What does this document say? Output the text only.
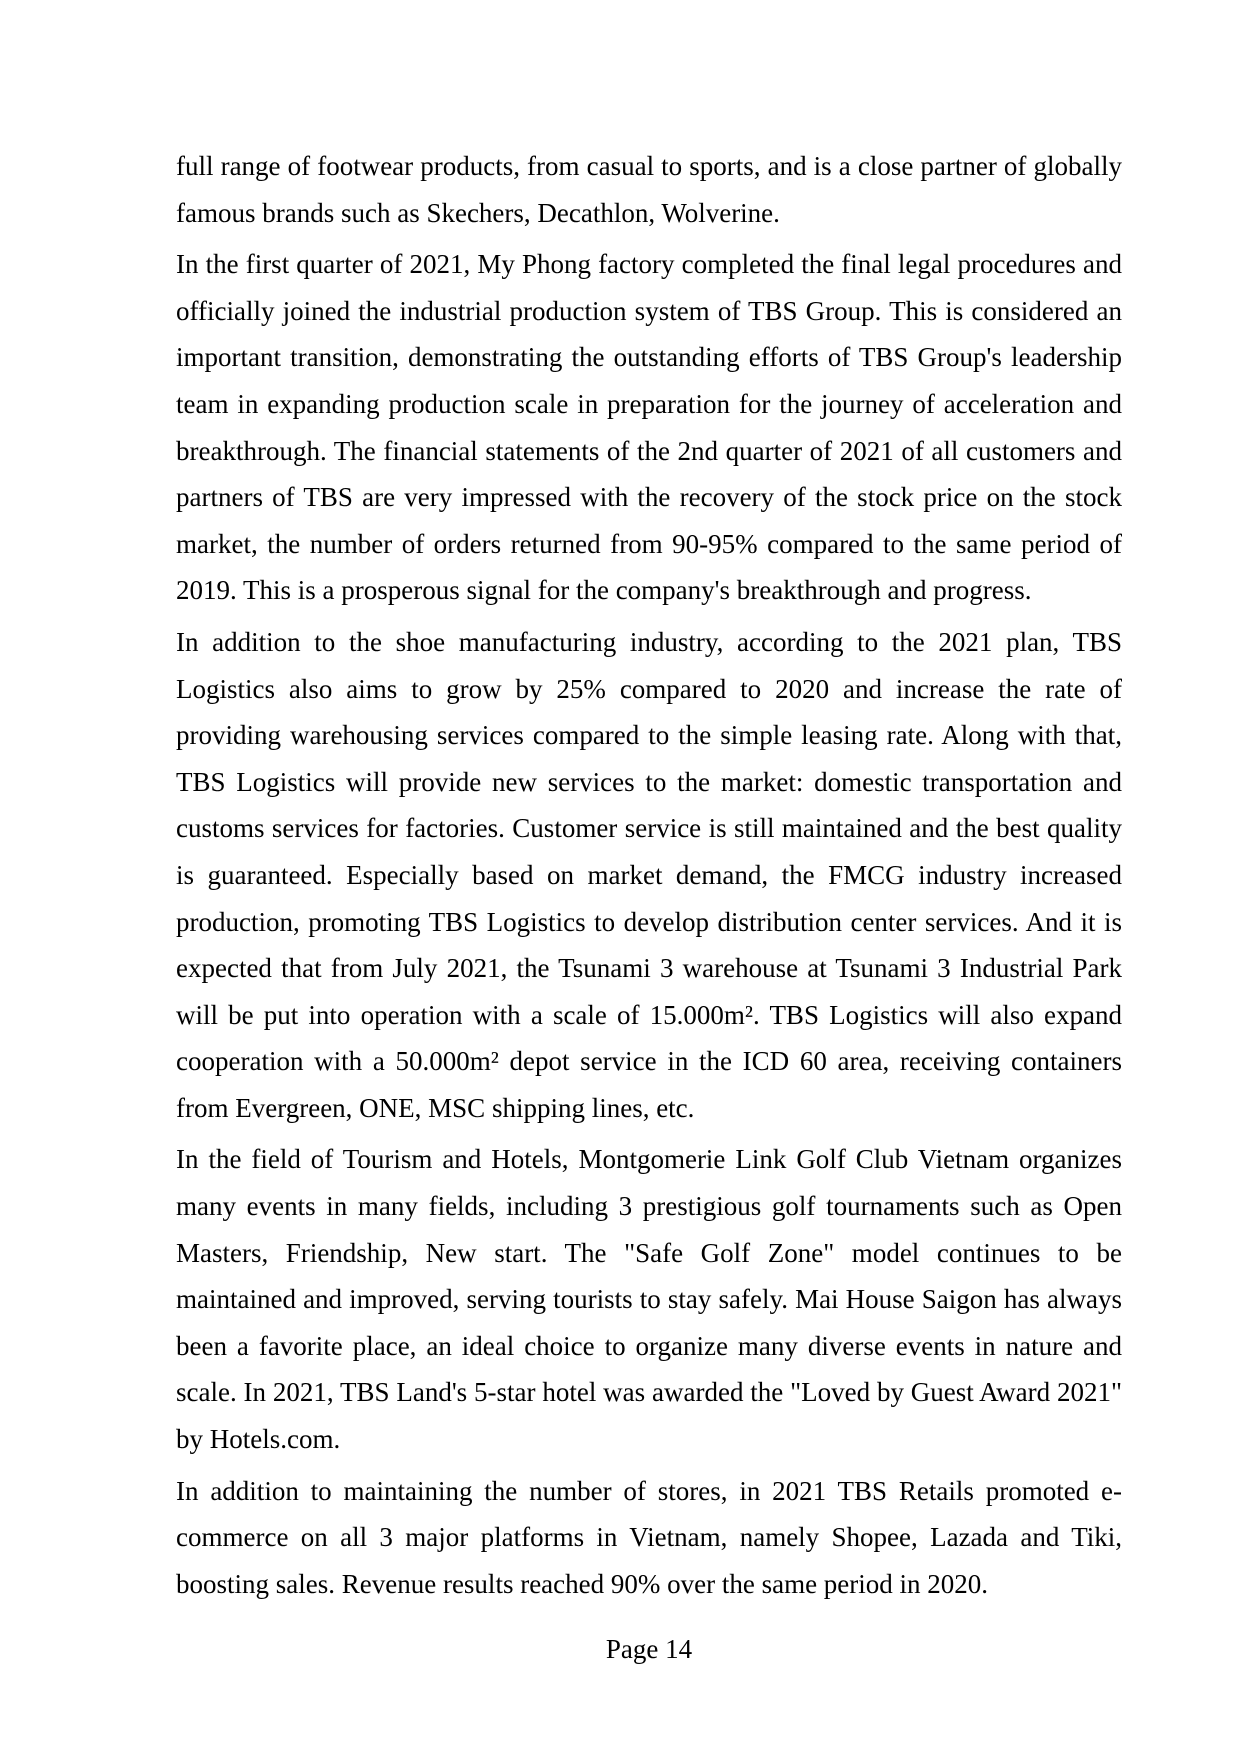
full range of footwear products, from casual to sports, and is a close partner of globally famous brands such as Skechers, Decathlon, Wolverine.

In the first quarter of 2021, My Phong factory completed the final legal procedures and officially joined the industrial production system of TBS Group. This is considered an important transition, demonstrating the outstanding efforts of TBS Group's leadership team in expanding production scale in preparation for the journey of acceleration and breakthrough. The financial statements of the 2nd quarter of 2021 of all customers and partners of TBS are very impressed with the recovery of the stock price on the stock market, the number of orders returned from 90-95% compared to the same period of 2019. This is a prosperous signal for the company's breakthrough and progress.

In addition to the shoe manufacturing industry, according to the 2021 plan, TBS Logistics also aims to grow by 25% compared to 2020 and increase the rate of providing warehousing services compared to the simple leasing rate. Along with that, TBS Logistics will provide new services to the market: domestic transportation and customs services for factories. Customer service is still maintained and the best quality is guaranteed. Especially based on market demand, the FMCG industry increased production, promoting TBS Logistics to develop distribution center services. And it is expected that from July 2021, the Tsunami 3 warehouse at Tsunami 3 Industrial Park will be put into operation with a scale of 15.000m². TBS Logistics will also expand cooperation with a 50.000m² depot service in the ICD 60 area, receiving containers from Evergreen, ONE, MSC shipping lines, etc.

In the field of Tourism and Hotels, Montgomerie Link Golf Club Vietnam organizes many events in many fields, including 3 prestigious golf tournaments such as Open Masters, Friendship, New start. The "Safe Golf Zone" model continues to be maintained and improved, serving tourists to stay safely. Mai House Saigon has always been a favorite place, an ideal choice to organize many diverse events in nature and scale. In 2021, TBS Land's 5-star hotel was awarded the "Loved by Guest Award 2021" by Hotels.com.

In addition to maintaining the number of stores, in 2021 TBS Retails promoted e-commerce on all 3 major platforms in Vietnam, namely Shopee, Lazada and Tiki, boosting sales. Revenue results reached 90% over the same period in 2020.

Page 14
